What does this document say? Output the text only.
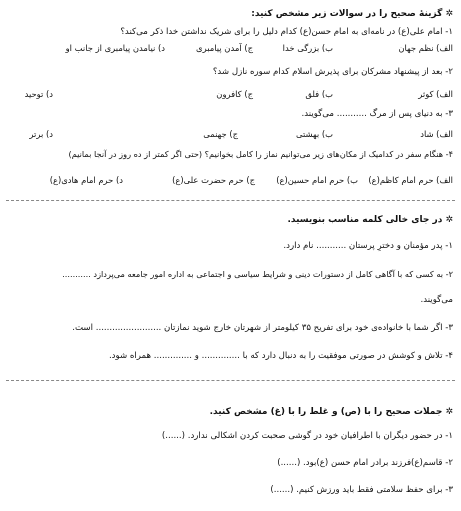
✲ گزینهٔ صحیح را در سوالات زیر مشخص کنید:
۱- امام علی(ع) در نامه‌ای به امام حسن(ع) کدام دلیل را برای شریک نداشتن خدا ذکر می‌کند؟
الف) نظم جهان
ب) بزرگی خدا
ج) آمدن پیامبری
د) نیامدن پیامبری از جانب او
۲- بعد از پیشنهاد مشرکان برای پذیرش اسلام کدام سوره نازل شد؟
الف) کوثر
ب) فلق
ج) کافرون
د) توحید
۳- به دنیای پس از مرگ ........... می‌گویند.
الف) شاد
ب) بهشتی
ج) جهنمی
د) برتر
۴- هنگام سفر در کدامیک از مکان‌های زیر می‌توانیم نماز را کامل بخوانیم؟ (حتی اگر کمتر از ده روز در آنجا بمانیم)
الف) حرم امام کاظم(ع)
ب) حرم امام حسین(ع)
ج) حرم حضرت علی(ع)
د) حرم امام هادی(ع)
✲ در جای خالی کلمه مناسب بنویسید.
۱- پدر مؤمنان و دخترِ پرستان ........... نام دارد.
۲- به کسی که با آگاهی کامل از دستورات دینی و شرایط سیاسی و اجتماعی به اداره امور جامعه می‌پردازد ...........
می‌گویند.
۳- اگر شما با خانواده‌ی خود برای تفریح ۳۵ کیلومتر از شهرتان خارج شوید نمازتان ........................ است.
۴- تلاش و کوشش در صورتی موفقیت را به دنبال دارد که با .............. و .............. همراه شود.
✲ جملات صحیح را با (ص) و غلط را با (غ) مشخص کنید.
۱- در حضور دیگران با اطرافیان خود در گوشی صحبت کردن اشکالی ندارد. (......)
۲- قاسم(ع)فرزند برادر امام حسن (ع)بود. (......)
۳- برای حفظ سلامتی فقط باید ورزش کنیم. (......)
